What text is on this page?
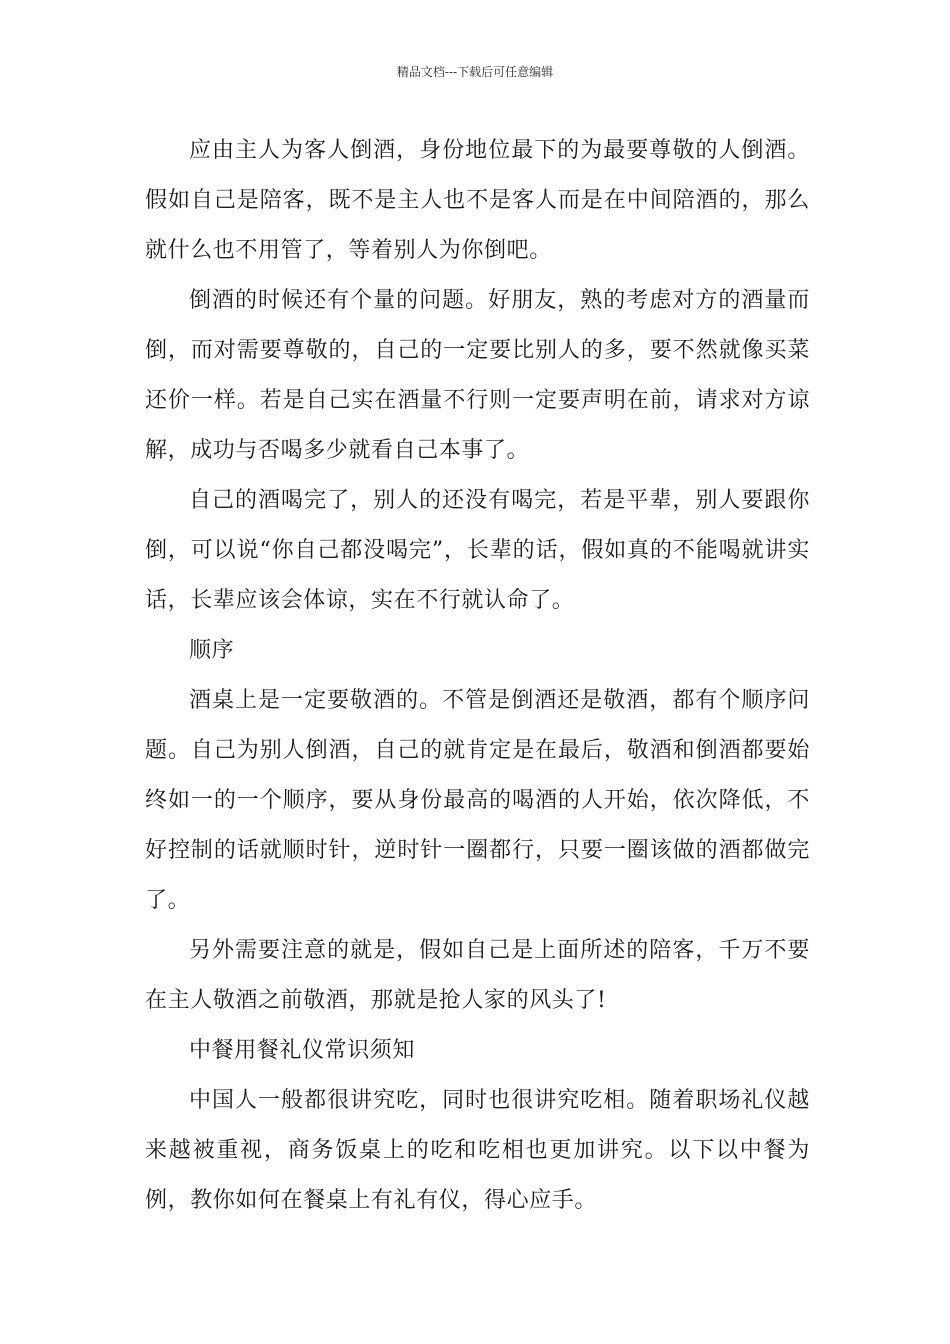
精品文档---下载后可任意编辑

应由主人为客人倒酒，身份地位最下的为最要尊敬的人倒酒。假如自己是陪客，既不是主人也不是客人而是在中间陪酒的，那么就什么也不用管了，等着别人为你倒吧。

倒酒的时候还有个量的问题。好朋友，熟的考虑对方的酒量而倒，而对需要尊敬的，自己的一定要比别人的多，要不然就像买菜还价一样。若是自己实在酒量不行则一定要声明在前，请求对方谅解，成功与否喝多少就看自己本事了。

自己的酒喝完了，别人的还没有喝完，若是平辈，别人要跟你倒，可以说“你自己都没喝完”，长辈的话，假如真的不能喝就讲实话，长辈应该会体谅，实在不行就认命了。

顺序

酒桌上是一定要敬酒的。不管是倒酒还是敬酒，都有个顺序问题。自己为别人倒酒，自己的就肯定是在最后，敬酒和倒酒都要始终如一的一个顺序，要从身份最高的喝酒的人开始，依次降低，不好控制的话就顺时针，逆时针一圈都行，只要一圈该做的酒都做完了。

另外需要注意的就是，假如自己是上面所述的陪客，千万不要在主人敬酒之前敬酒，那就是抢人家的风头了!

中餐用餐礼仪常识须知

中国人一般都很讲究吃，同时也很讲究吃相。随着职场礼仪越来越被重视，商务饭桌上的吃和吃相也更加讲究。以下以中餐为例，教你如何在餐桌上有礼有仪，得心应手。
